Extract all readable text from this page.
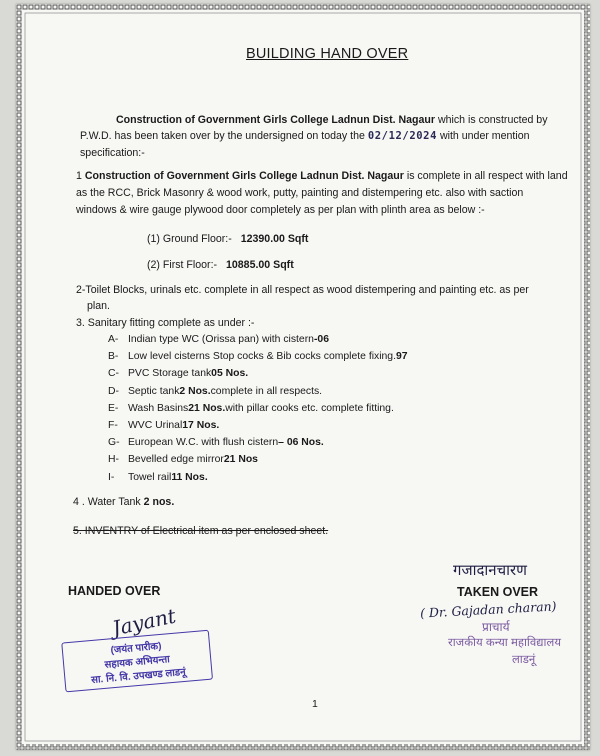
BUILDING HAND OVER
Construction of Government Girls College Ladnun Dist. Nagaur which is constructed by
P.W.D. has been taken over by the undersigned on today the 02/12/2024 with under mention
specification:-
1 Construction of Government Girls College Ladnun Dist. Nagaur is complete in all respect with land
as the RCC, Brick Masonry & wood work, putty, painting and distempering etc. also with saction
windows & wire gauge plywood door completely as per plan with plinth area as below :-
(1) Ground Floor:- 12390.00 Sqft
(2) First Floor:- 10885.00 Sqft
2-Toilet Blocks, urinals etc. complete in all respect as wood distempering and painting etc. as per
plan.
3. Sanitary fitting complete as under :-
A- Indian type WC (Orissa pan) with cistern -06
B- Low level cisterns Stop cocks & Bib cocks complete fixing. 97
C- PVC Storage tank 05 Nos.
D- Septic tank 2 Nos. complete in all respects.
E- Wash Basins 21 Nos. with pillar cooks etc. complete fitting.
F- WVC Urinal 17 Nos.
G- European W.C. with flush cistern – 06 Nos.
H- Bevelled edge mirror 21 Nos
I-	Towel rail 11 Nos.
4 . Water Tank 2 nos.
5. INVENTRY of Electrical item as per enclosed sheet.
HANDED OVER
Jayant
(जयंत पारीक)
सहायक अभियन्ता
सा. नि. वि. उपखण्ड लाडनूं
गजादानचारण
TAKEN OVER
( Dr. Gajadan charan)
प्राचार्य
राजकीय कन्या महाविद्यालय
लाडनूं
1
